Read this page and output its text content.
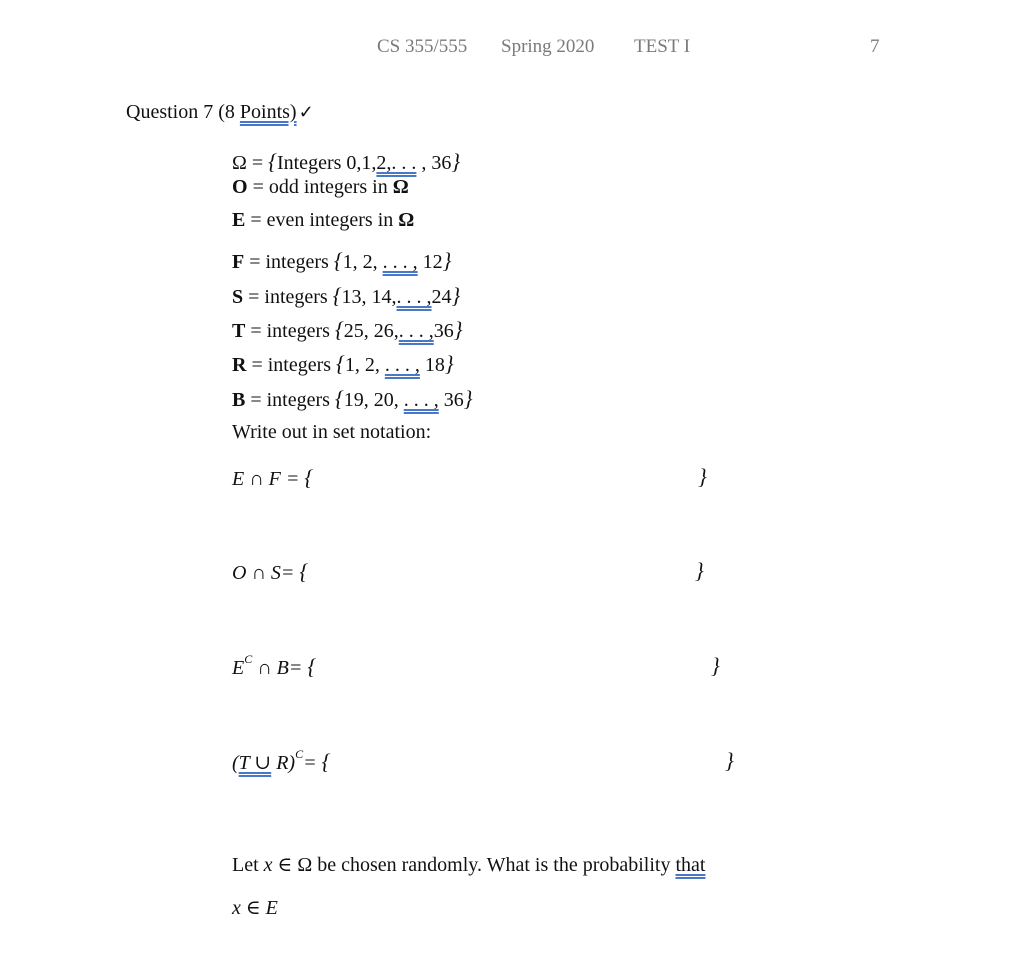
CS 355/555 Spring 2020 TEST I	7
Question 7 (8 Points) ✓
Ω = {Integers 0,1,2,. . . , 36}
O = odd integers in Ω
E = even integers in Ω
F = integers {1, 2, . . . , 12}
S = integers {13, 14,. . . ,24}
T = integers {25, 26,. . . ,36}
R = integers {1, 2, . . . , 18}
B = integers {19, 20, . . . , 36}
Write out in set notation:
E ∩ F = {	}
O ∩ S= {	}
$E^C$ ∩ B= {	}
(T ∪ R)$^C$= {	}
Let x ∈ Ω be chosen randomly. What is the probability that
x ∈ E
